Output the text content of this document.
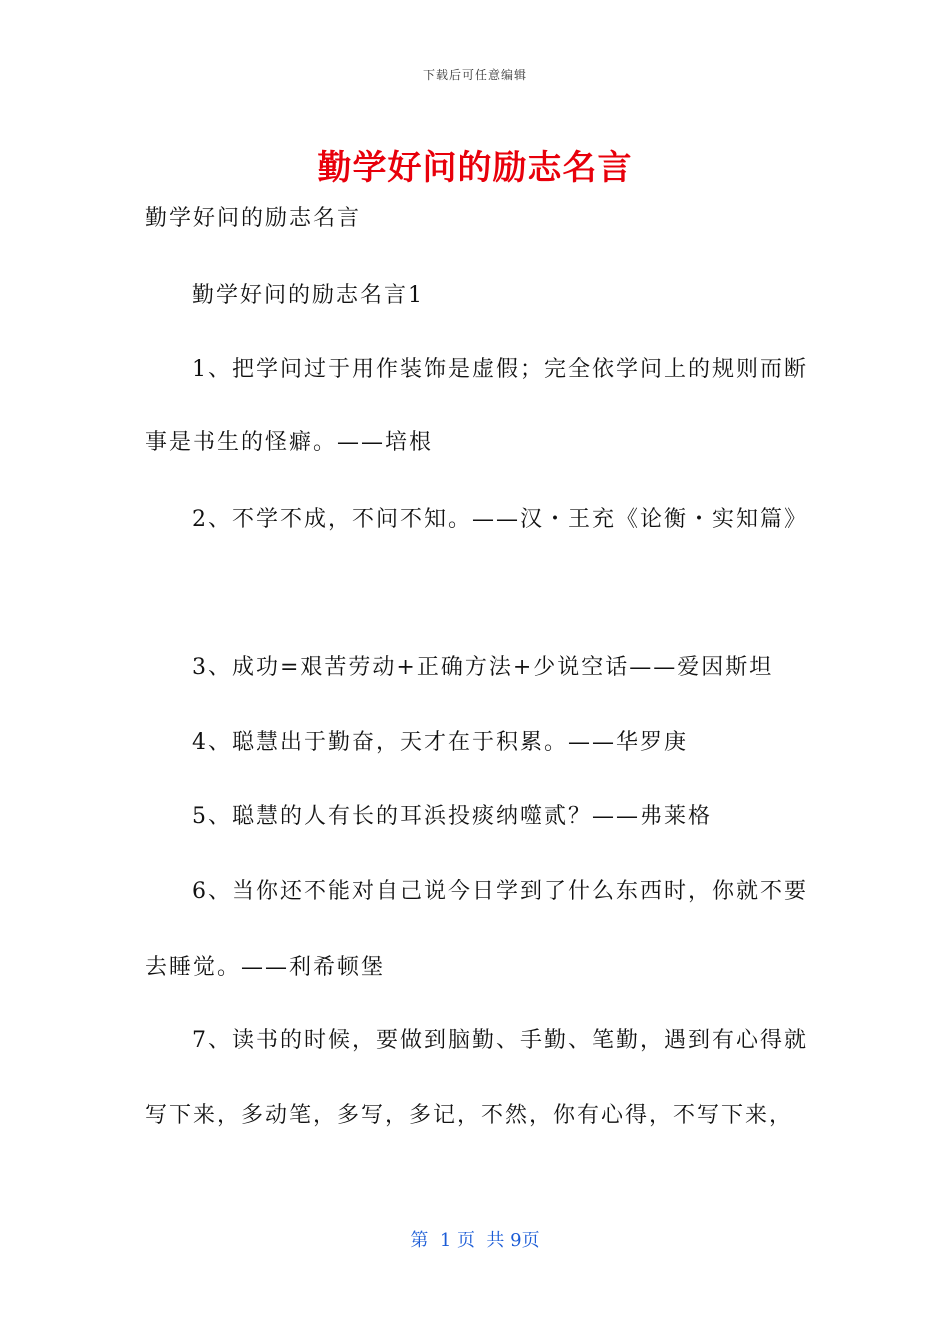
下载后可任意编辑
勤学好问的励志名言
勤学好问的励志名言
勤学好问的励志名言1
1、把学问过于用作装饰是虚假；完全依学问上的规则而断
事是书生的怪癖。——培根
2、不学不成，不问不知。——汉・王充《论衡・实知篇》
3、成功=艰苦劳动+正确方法+少说空话——爱因斯坦
4、聪慧出于勤奋，天才在于积累。——华罗庚
5、聪慧的人有长的耳浜投痰纳噬贰？——弗莱格
6、当你还不能对自己说今日学到了什么东西时，你就不要
去睡觉。——利希顿堡
7、读书的时候，要做到脑勤、手勤、笔勤，遇到有心得就
写下来，多动笔，多写，多记，不然，你有心得，不写下来，
第  1 页  共 9页
